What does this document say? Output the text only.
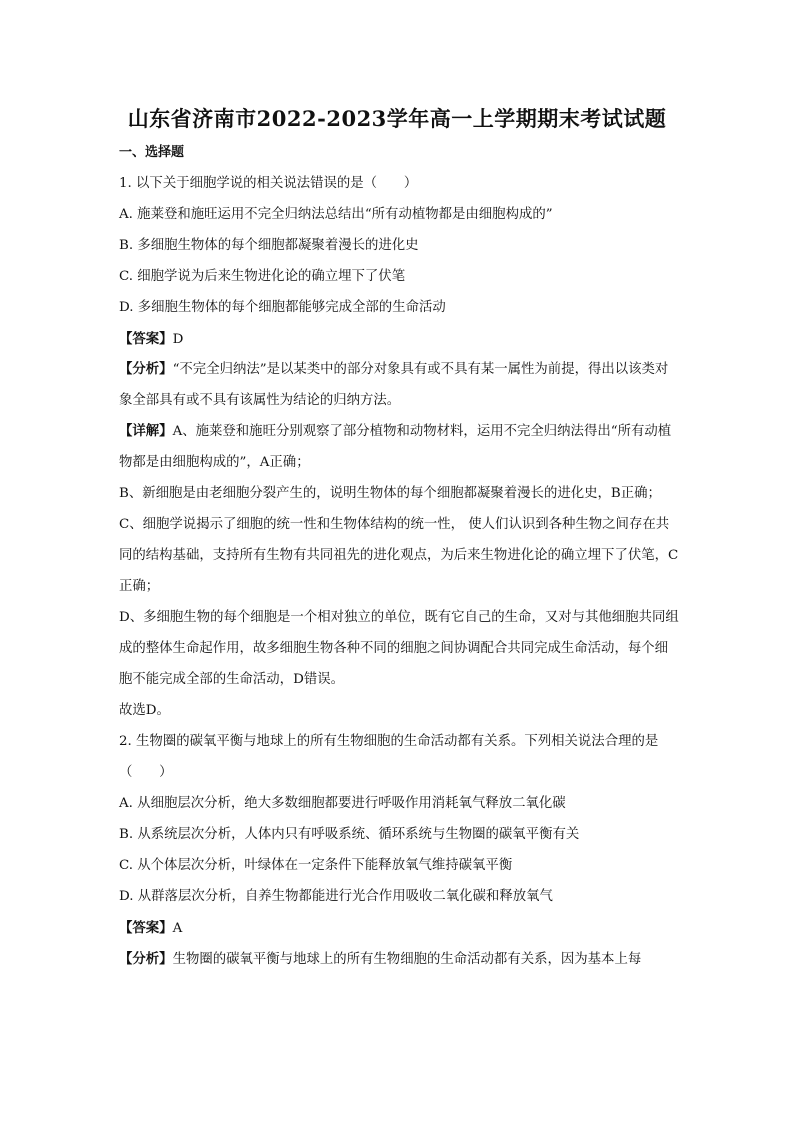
山东省济南市2022-2023学年高一上学期期末考试试题
一、选择题
1. 以下关于细胞学说的相关说法错误的是（　　）
A. 施莱登和施旺运用不完全归纳法总结出“所有动植物都是由细胞构成的”
B. 多细胞生物体的每个细胞都凝聚着漫长的进化史
C. 细胞学说为后来生物进化论的确立埋下了伏笔
D. 多细胞生物体的每个细胞都能够完成全部的生命活动
【答案】D
【分析】“不完全归纳法”是以某类中的部分对象具有或不具有某一属性为前提，得出以该类对象全部具有或不具有该属性为结论的归纳方法。
【详解】A、施莱登和施旺分别观察了部分植物和动物材料，运用不完全归纳法得出“所有动植物都是由细胞构成的”，A正确；
B、新细胞是由老细胞分裂产生的，说明生物体的每个细胞都凝聚着漫长的进化史，B正确；
C、细胞学说揭示了细胞的统一性和生物体结构的统一性， 使人们认识到各种生物之间存在共同的结构基础，支持所有生物有共同祖先的进化观点，为后来生物进化论的确立埋下了伏笔，C正确；
D、多细胞生物的每个细胞是一个相对独立的单位，既有它自己的生命，又对与其他细胞共同组成的整体生命起作用，故多细胞生物各种不同的细胞之间协调配合共同完成生命活动，每个细胞不能完成全部的生命活动，D错误。
故选D。
2. 生物圈的碳氧平衡与地球上的所有生物细胞的生命活动都有关系。下列相关说法合理的是（　　）
A. 从细胞层次分析，绝大多数细胞都要进行呼吸作用消耗氧气释放二氧化碳
B. 从系统层次分析，人体内只有呼吸系统、循环系统与生物圈的碳氧平衡有关
C. 从个体层次分析，叶绿体在一定条件下能释放氧气维持碳氧平衡
D. 从群落层次分析，自养生物都能进行光合作用吸收二氧化碳和释放氧气
【答案】A
【分析】生物圈的碳氧平衡与地球上的所有生物细胞的生命活动都有关系，因为基本上每
